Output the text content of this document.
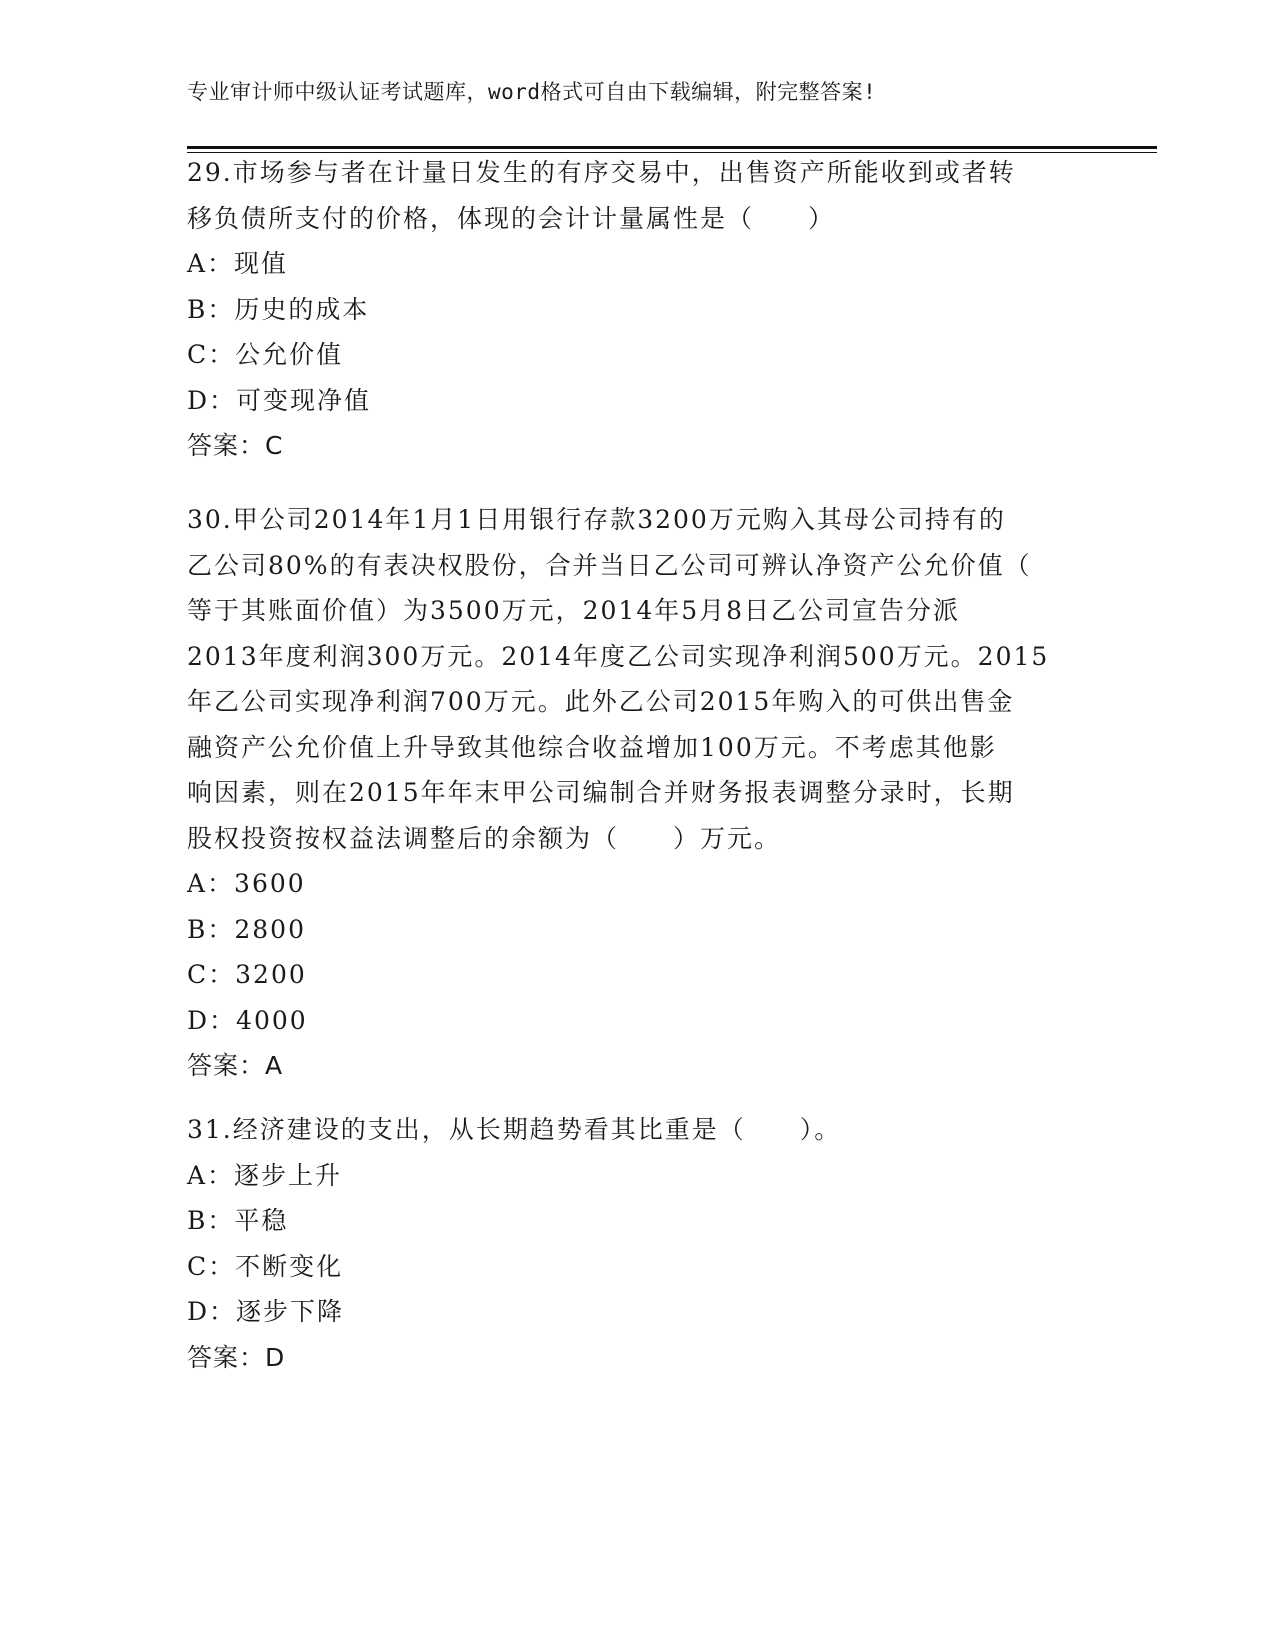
专业审计师中级认证考试题库，word格式可自由下载编辑，附完整答案!
29.市场参与者在计量日发生的有序交易中，出售资产所能收到或者转
移负债所支付的价格，体现的会计计量属性是（　　）
A：现值
B：历史的成本
C：公允价值
D：可变现净值
答案：C
30.甲公司2014年1月1日用银行存款3200万元购入其母公司持有的
乙公司80%的有表决权股份，合并当日乙公司可辨认净资产公允价值（
等于其账面价值）为3500万元，2014年5月8日乙公司宣告分派
2013年度利润300万元。2014年度乙公司实现净利润500万元。2015
年乙公司实现净利润700万元。此外乙公司2015年购入的可供出售金
融资产公允价值上升导致其他综合收益增加100万元。不考虑其他影
响因素，则在2015年年末甲公司编制合并财务报表调整分录时，长期
股权投资按权益法调整后的余额为（　　）万元。
A：3600
B：2800
C：3200
D：4000
答案：A
31.经济建设的支出，从长期趋势看其比重是（　　）。
A：逐步上升
B：平稳
C：不断变化
D：逐步下降
答案：D
